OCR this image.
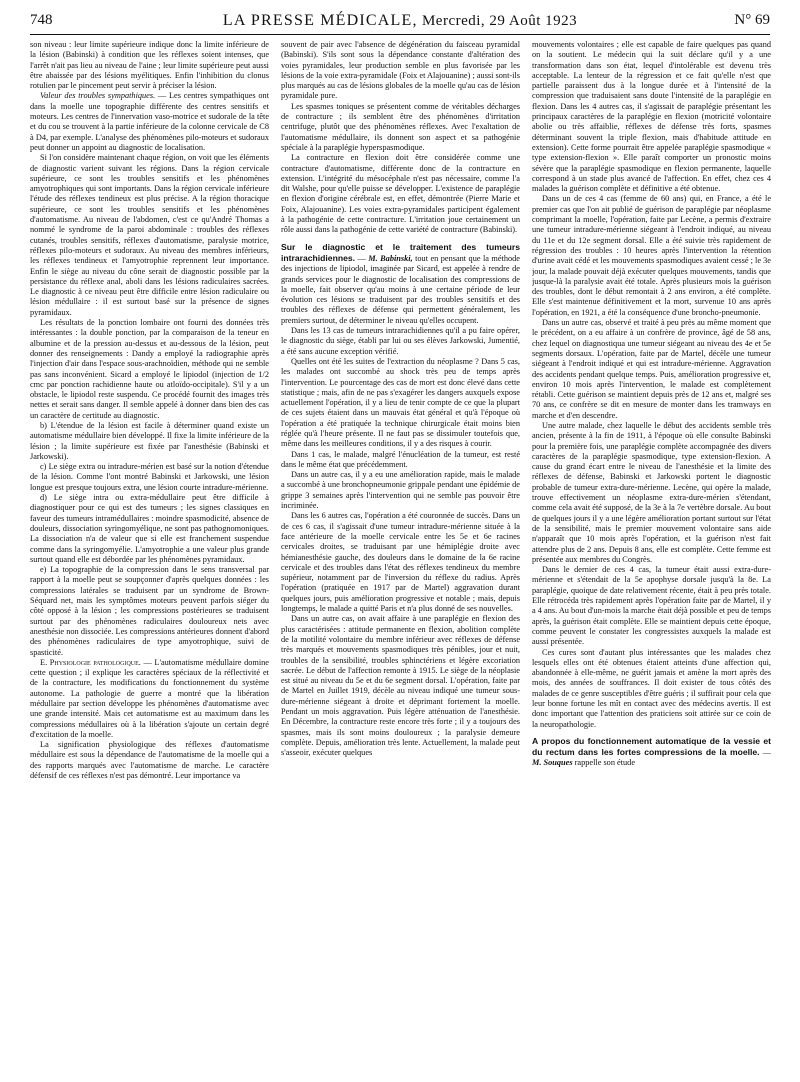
748	LA PRESSE MÉDICALE, Mercredi, 29 Août 1923	N° 69

son niveau : leur limite supérieure indique donc la limite inférieure de la lésion (Babinski) à condition que les réflexes soient intenses, que l'arrêt n'ait pas lieu au niveau de l'aine ; leur limite supérieure peut aussi être abaissée par des lésions myélitiques. Enfin l'inhibition du clonus rotulien par le pincement peut servir à préciser la lésion.

Valeur des troubles sympathiques. — Les centres sympathiques ont dans la moelle une topographie différente des centres sensitifs et moteurs. Les centres de l'innervation vaso-motrice et sudorale de la tête et du cou se trouvent à la partie inférieure de la colonne cervicale de C8 à D4, par exemple. L'analyse des phénomènes pilo-moteurs et sudoraux peut donner un appoint au diagnostic de localisation.

Si l'on considère maintenant chaque région, on voit que les éléments de diagnostic varient suivant les régions. Dans la région cervicale supérieure, ce sont les troubles sensitifs et les phénomènes amyotrophiques qui sont importants. Dans la région cervicale inférieure l'étude des réflexes tendineux est plus précise. A la région thoracique supérieure, ce sont les troubles sensitifs et les phénomènes d'automatisme. Au niveau de l'abdomen, c'est ce qu'André Thomas a nommé le syndrome de la paroi abdominale : troubles des réflexes cutanés, troubles sensitifs, réflexes d'automatisme, paralysie motrice, réflexes pilo-moteurs et sudoraux. Au niveau des membres inférieurs, les réflexes tendineux et l'amyotrophie reprennent leur importance. Enfin le siège au niveau du cône serait de diagnostic possible par la persistance du réflexe anal, aboli dans les lésions radiculaires sacrées. Le diagnostic à ce niveau peut être difficile entre lésion radiculaire ou lésion médullaire : il est surtout basé sur la présence de signes pyramidaux.

Les résultats de la ponction lombaire ont fourni des données très intéressantes : la double ponction, par la comparaison de la teneur en albumine et de la pression au-dessus et au-dessous de la lésion, peut donner des renseignements : Dandy a employé la radiographie après l'injection d'air dans l'espace sous-arachnoïdien, méthode qui ne semble pas sans inconvénient. Sicard a employé le lipiodol (injection de 1/2 cmc par ponction rachidienne haute ou atloïdo-occipitale). S'il y a un obstacle, le lipiodol reste suspendu. Ce procédé fournit des images très nettes et serait sans danger. Il semble appelé à donner dans bien des cas un caractère de certitude au diagnostic.

b) L'étendue de la lésion est facile à déterminer quand existe un automatisme médullaire bien développé. Il fixe la limite inférieure de la lésion ; la limite supérieure est fixée par l'anesthésie (Babinski et Jarkowski).

c) Le siège extra ou intradure-mérien est basé sur la notion d'étendue de la lésion. Comme l'ont montré Babinski et Jarkowski, une lésion longue est presque toujours extra, une lésion courte intradure-mérienne.

d) Le siège intra ou extra-médullaire peut être difficile à diagnostiquer pour ce qui est des tumeurs ; les signes classiques en faveur des tumeurs intramédullaires : moindre spasmodicité, absence de douleurs, dissociation syringomyélique, ne sont pas pathognomoniques. La dissociation n'a de valeur que si elle est franchement suspendue comme dans la syringomyélie. L'amyotrophie a une valeur plus grande surtout quand elle est débordée par les phénomènes pyramidaux.

e) La topographie de la compression dans le sens transversal par rapport à la moelle peut se soupçonner d'après quelques données : les compressions latérales se traduisent par un syndrome de Brown-Séquard net, mais les symptômes moteurs peuvent parfois siéger du côté opposé à la lésion ; les compressions postérieures se traduisent surtout par des phénomènes radiculaires douloureux nets avec anesthésie non dissociée. Les compressions antérieures donnent d'abord des phénomènes radiculaires de type amyotrophique, suivi de spasticité.

E. Physiologie pathologique. — L'automatisme médullaire domine cette question ; il explique les caractères spéciaux de la réflectivité et de la contracture, les modifications du fonctionnement du système autonome. La pathologie de guerre a montré que la libération médullaire par section développe les phénomènes d'automatisme avec une grande intensité. Mais cet automatisme est au maximum dans les compressions médullaires où à la libération s'ajoute un certain degré d'excitation de la moelle.

La signification physiologique des réflexes d'automatisme médullaire est sous la dépendance de l'automatisme de la moelle qui a des rapports marqués avec l'automatisme de marche. Le caractère défensif de ces réflexes n'est pas démontré. Leur importance va

souvent de pair avec l'absence de dégénération du faisceau pyramidal (Babinski). S'ils sont sous la dépendance constante d'altération des voies pyramidales, leur production semble en plus favorisée par les lésions de la voie extra-pyramidale (Foix et Alajouanine) ; aussi sont-ils plus marqués au cas de lésions globales de la moelle qu'au cas de lésion pyramidale pure.

Les spasmes toniques se présentent comme de véritables décharges de contracture ; ils semblent être des phénomènes d'irritation centrifuge, plutôt que des phénomènes réflexes. Avec l'exaltation de l'automatisme médullaire, ils donnent son aspect et sa pathogénie spéciale à la paraplégie hyperspasmodique.

La contracture en flexion doit être considérée comme une contracture d'automatisme, différente donc de la contracture en extension. L'intégrité du mésocéphale n'est pas nécessaire, comme l'a dit Walshe, pour qu'elle puisse se développer. L'existence de paraplégie en flexion d'origine cérébrale est, en effet, démontrée (Pierre Marie et Foix, Alajouanine). Les voies extra-pyramidales participent également à la pathogénie de cette contracture. L'irritation joue certainement un rôle aussi dans la pathogénie de cette variété de contracture (Babinski).

Sur le diagnostic et le traitement des tumeurs intrarachidiennes. — M. Babinski, tout en pensant que la méthode des injections de lipiodol, imaginée par Sicard, est appelée à rendre de grands services pour le diagnostic de localisation des compressions de la moelle, fait observer qu'au moins à une certaine période de leur évolution ces lésions se traduisent par des troubles sensitifs et des troubles des réflexes de défense qui permettent généralement, les premiers surtout, de déterminer le niveau qu'elles occupent.

Dans les 13 cas de tumeurs intrarachidiennes qu'il a pu faire opérer, le diagnostic du siège, établi par lui ou ses élèves Jarkowski, Jumentié, a été sans aucune exception vérifié.

Quelles ont été les suites de l'extraction du néoplasme ? Dans 5 cas, les malades ont succombé au shock très peu de temps après l'intervention. Le pourcentage des cas de mort est donc élevé dans cette statistique ; mais, afin de ne pas s'exagérer les dangers auxquels expose actuellement l'opération, il y a lieu de tenir compte de ce que la plupart de ces sujets étaient dans un mauvais état général et qu'à l'époque où l'opération a été pratiquée la technique chirurgicale était moins bien réglée qu'à l'heure présente. Il ne faut pas se dissimuler toutefois que, même dans les meilleures conditions, il y a des risques à courir.

Dans 1 cas, le malade, malgré l'énucléation de la tumeur, est resté dans le même état que précédemment.

Dans un autre cas, il y a eu une amélioration rapide, mais le malade a succombé à une bronchopneumonie grippale pendant une épidémie de grippe 3 semaines après l'intervention qui ne semble pas pouvoir être incriminée.

Dans les 6 autres cas, l'opération a été couronnée de succès. Dans un de ces 6 cas, il s'agissait d'une tumeur intradure-mérienne située à la face antérieure de la moelle cervicale entre les 5e et 6e racines cervicales droites, se traduisant par une hémiplégie droite avec hémianesthésie gauche, des douleurs dans le domaine de la 6e racine cervicale et des troubles dans l'état des réflexes tendineux du membre supérieur, notamment par de l'inversion du réflexe du radius. Après l'opération (pratiquée en 1917 par de Martel) aggravation durant quelques jours, puis amélioration progressive et notable ; mais, depuis longtemps, le malade a quitté Paris et n'a plus donné de ses nouvelles.

Dans un autre cas, on avait affaire à une paraplégie en flexion des plus caractérisées : attitude permanente en flexion, abolition complète de la motilité volontaire du membre inférieur avec réflexes de défense très marqués et mouvements spasmodiques très pénibles, jour et nuit, troubles de la sensibilité, troubles sphinctériens et légère excoriation sacrée. Le début de l'affection remonte à 1915. Le siège de la néoplasie est situé au niveau du 5e et du 6e segment dorsal. L'opération, faite par de Martel en Juillet 1919, décèle au niveau indiqué une tumeur sous-dure-mérienne siégeant à droite et déprimant fortement la moelle. Pendant un mois aggravation. Puis légère atténuation de l'anesthésie. En Décembre, la contracture reste encore très forte ; il y a toujours des spasmes, mais ils sont moins douloureux ; la paralysie demeure complète. Depuis, amélioration très lente. Actuellement, la malade peut s'asseoir, exécuter quelques

mouvements volontaires ; elle est capable de faire quelques pas quand on la soutient. Le médecin qui la suit déclare qu'il y a une transformation dans son état, lequel d'intolérable est devenu très acceptable. La lenteur de la régression et ce fait qu'elle n'est que partielle paraissent dus à la longue durée et à l'intensité de la compression que traduisaient sans doute l'intensité de la paraplégie en flexion. Dans les 4 autres cas, il s'agissait de paraplégie présentant les principaux caractères de la paraplégie en flexion (motricité volontaire abolie ou très affaiblie, réflexes de défense très forts, spasmes déterminant souvent la triple flexion, mais d'habitude attitude en extension). Cette forme pourrait être appelée paraplégie spasmodique « type extension-flexion ». Elle paraît comporter un pronostic moins sévère que la paraplégie spasmodique en flexion permanente, laquelle correspond à un stade plus avancé de l'affection. En effet, chez ces 4 malades la guérison complète et définitive a été obtenue.

Dans un de ces 4 cas (femme de 60 ans) qui, en France, a été le premier cas que l'on ait publié de guérison de paraplégie par néoplasme comprimant la moelle, l'opération, faite par Lecène, a permis d'extraire une tumeur intradure-mérienne siégeant à l'endroit indiqué, au niveau du 11e et du 12e segment dorsal. Elle a été suivie très rapidement de régression des troubles : 10 heures après l'intervention la rétention d'urine avait cédé et les mouvements spasmodiques avaient cessé ; le 3e jour, la malade pouvait déjà exécuter quelques mouvements, tandis que jusque-là la paralysie avait été totale. Après plusieurs mois la guérison des troubles, dont le début remontait à 2 ans environ, a été complète. Elle s'est maintenue définitivement et la mort, survenue 10 ans après l'opération, en 1921, a été la conséquence d'une broncho-pneumonie.

Dans un autre cas, observé et traité à peu près au même moment que le précédent, on a eu affaire à un confrère de province, âgé de 58 ans, chez lequel on diagnostiqua une tumeur siégeant au niveau des 4e et 5e segments dorsaux. L'opération, faite par de Martel, décèle une tumeur siégeant à l'endroit indiqué et qui est intradure-mérienne. Aggravation des accidents pendant quelque temps. Puis, amélioration progressive et, environ 10 mois après l'intervention, le malade est complètement rétabli. Cette guérison se maintient depuis près de 12 ans et, malgré ses 70 ans, ce confrère se dit en mesure de monter dans les tramways en marche et d'en descendre.

Une autre malade, chez laquelle le début des accidents semble très ancien, présente à la fin de 1911, à l'époque où elle consulte Babinski pour la première fois, une paraplégie complète accompagnée des divers caractères de la paraplégie spasmodique, type extension-flexion. A cause du grand écart entre le niveau de l'anesthésie et la limite des réflexes de défense, Babinski et Jarkowski portent le diagnostic probable de tumeur extra-dure-mérienne. Lecène, qui opère la malade, trouve effectivement un néoplasme extra-dure-mérien s'étendant, comme cela avait été supposé, de la 3e à la 7e vertèbre dorsale. Au bout de quelques jours il y a une légère amélioration portant surtout sur l'état de la sensibilité, mais le premier mouvement volontaire sans aide n'apparaît que 10 mois après l'opération, et la guérison n'est fait attendre plus de 2 ans. Depuis 8 ans, elle est complète. Cette femme est présentée aux membres du Congrès.

Dans le dernier de ces 4 cas, la tumeur était aussi extra-dure-mérienne et s'étendait de la 5e apophyse dorsale jusqu'à la 8e. La paraplégie, quoique de date relativement récente, était à peu près totale. Elle rétrocéda très rapidement après l'opération faite par de Martel, il y a 4 ans. Au bout d'un-mois la marche était déjà possible et peu de temps après, la guérison était complète. Elle se maintient depuis cette époque, comme peuvent le constater les congressistes auxquels la malade est aussi présentée.

Ces cures sont d'autant plus intéressantes que les malades chez lesquels elles ont été obtenues étaient atteints d'une affection qui, abandonnée à elle-même, ne guérit jamais et amène la mort après des mois, des années de souffrances. Il doit exister de tous côtés des malades de ce genre susceptibles d'être guéris ; il suffirait pour cela que leur bonne fortune les mît en contact avec des médecins avertis. Il est donc important que l'attention des praticiens soit attirée sur ce coin de la neuropathologie.

A propos du fonctionnement automatique de la vessie et du rectum dans les fortes compressions de la moelle. — M. Souques rappelle son étude
